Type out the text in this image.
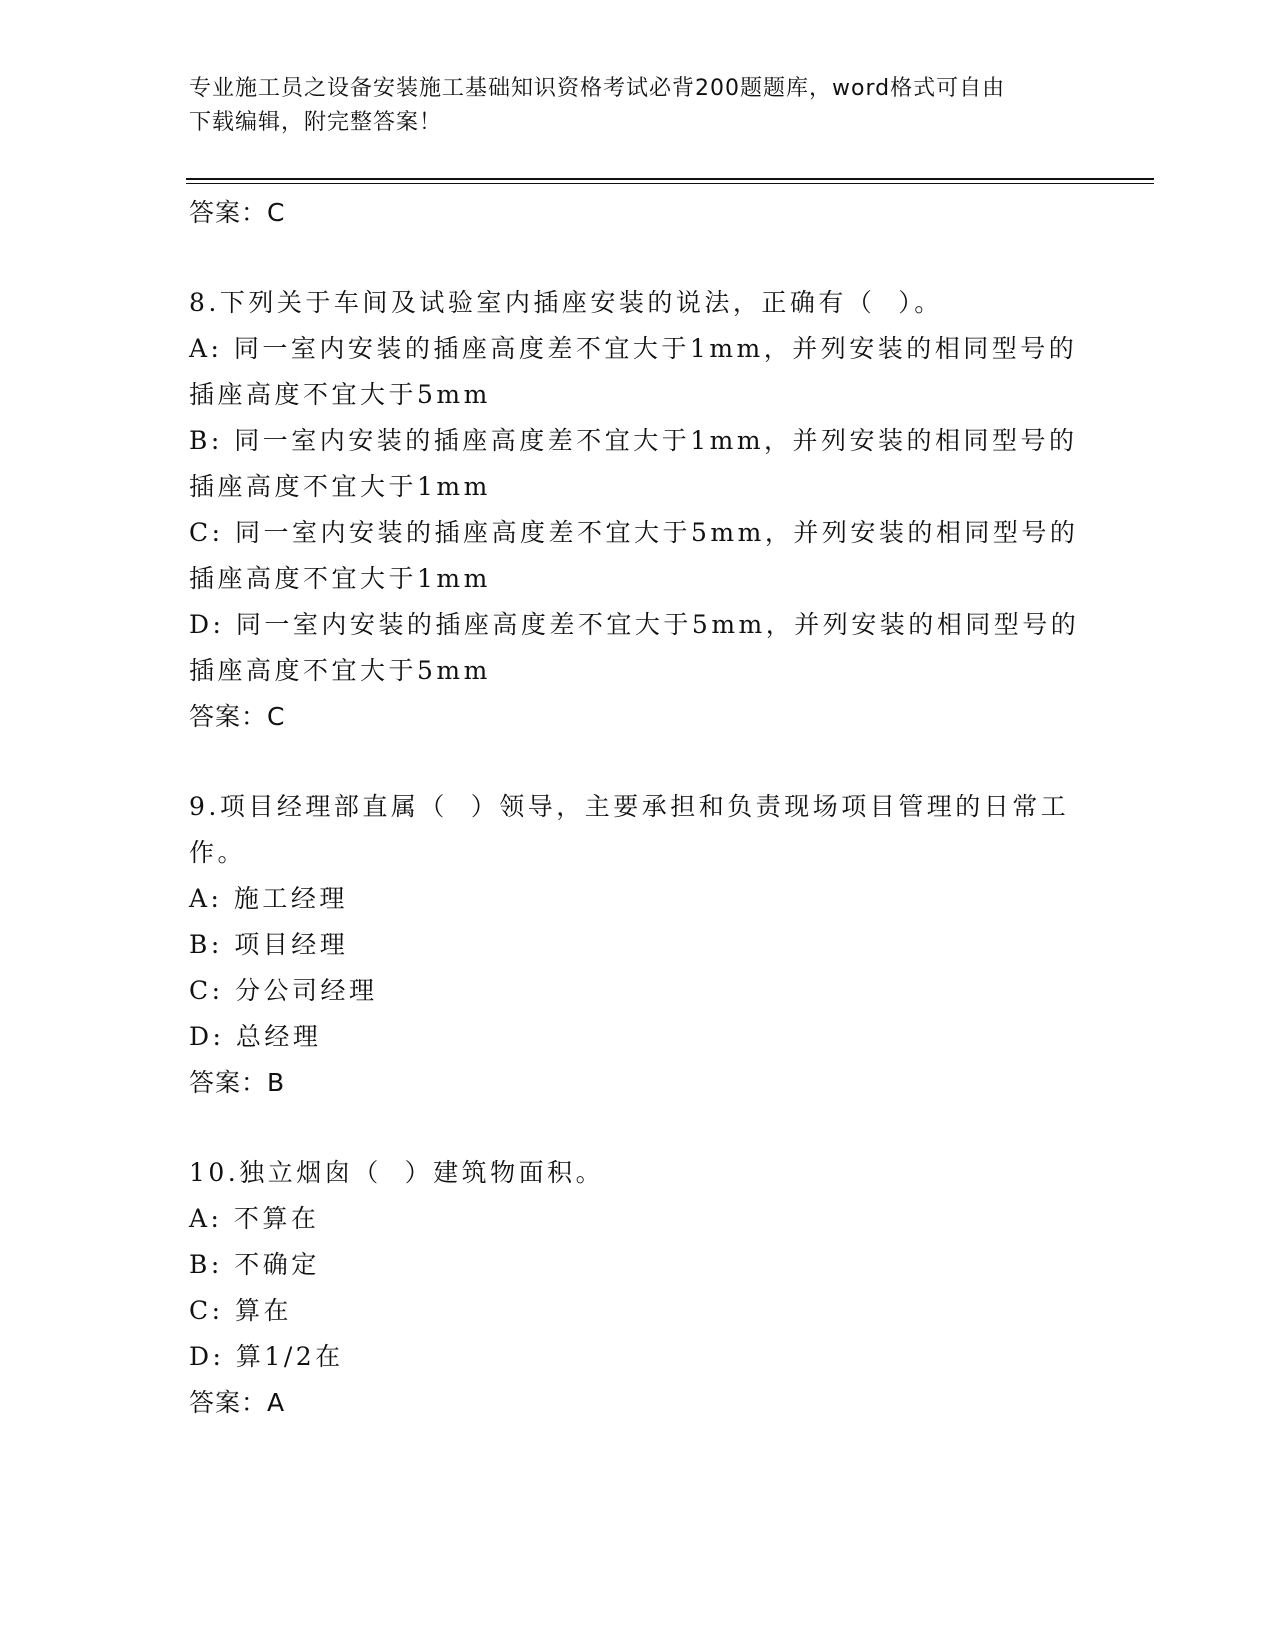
专业施工员之设备安装施工基础知识资格考试必背200题题库，word格式可自由
下载编辑，附完整答案！
答案：C
8.下列关于车间及试验室内插座安装的说法，正确有（  ）。
A: 同一室内安装的插座高度差不宜大于1mm，并列安装的相同型号的
插座高度不宜大于5mm
B: 同一室内安装的插座高度差不宜大于1mm，并列安装的相同型号的
插座高度不宜大于1mm
C: 同一室内安装的插座高度差不宜大于5mm，并列安装的相同型号的
插座高度不宜大于1mm
D: 同一室内安装的插座高度差不宜大于5mm，并列安装的相同型号的
插座高度不宜大于5mm
答案：C
9.项目经理部直属（  ）领导，主要承担和负责现场项目管理的日常工
作。
A: 施工经理
B: 项目经理
C: 分公司经理
D: 总经理
答案：B
10.独立烟囱（  ）建筑物面积。
A: 不算在
B: 不确定
C: 算在
D: 算1/2在
答案：A
